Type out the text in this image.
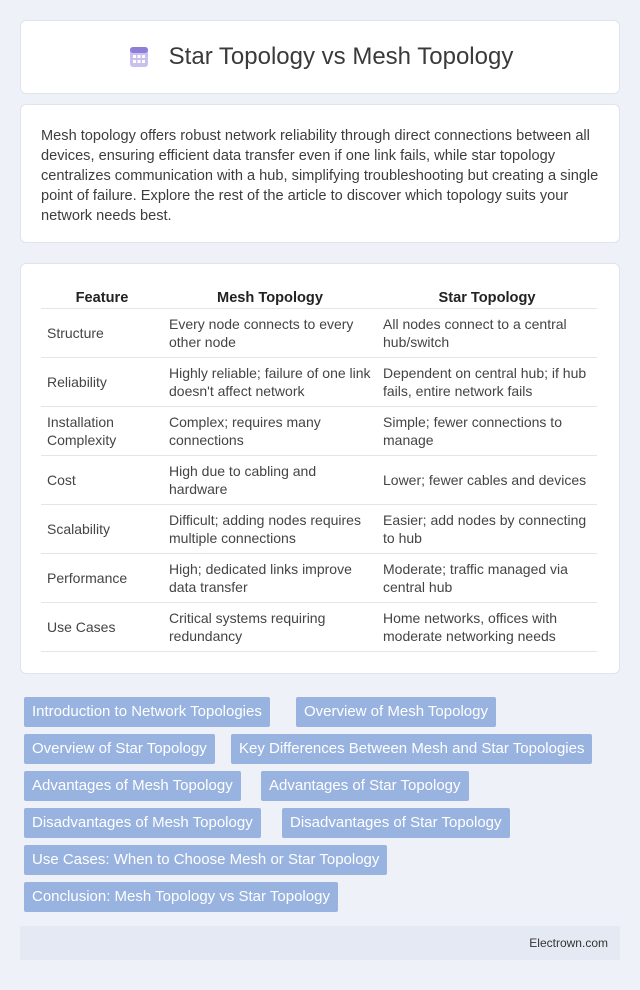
Star Topology vs Mesh Topology

Mesh topology offers robust network reliability through direct connections between all devices, ensuring efficient data transfer even if one link fails, while star topology centralizes communication with a hub, simplifying troubleshooting but creating a single point of failure. Explore the rest of the article to discover which topology suits your network needs best.

Feature	Mesh Topology	Star Topology
Structure	Every node connects to every other node	All nodes connect to a central hub/switch
Reliability	Highly reliable; failure of one link doesn't affect network	Dependent on central hub; if hub fails, entire network fails
Installation Complexity	Complex; requires many connections	Simple; fewer connections to manage
Cost	High due to cabling and hardware	Lower; fewer cables and devices
Scalability	Difficult; adding nodes requires multiple connections	Easier; add nodes by connecting to hub
Performance	High; dedicated links improve data transfer	Moderate; traffic managed via central hub
Use Cases	Critical systems requiring redundancy	Home networks, offices with moderate networking needs
Introduction to Network Topologies	Overview of Mesh Topology
Overview of Star Topology	Key Differences Between Mesh and Star Topologies
Advantages of Mesh Topology	Advantages of Star Topology
Disadvantages of Mesh Topology	Disadvantages of Star Topology
Use Cases: When to Choose Mesh or Star Topology
Conclusion: Mesh Topology vs Star Topology
Electrown.com
